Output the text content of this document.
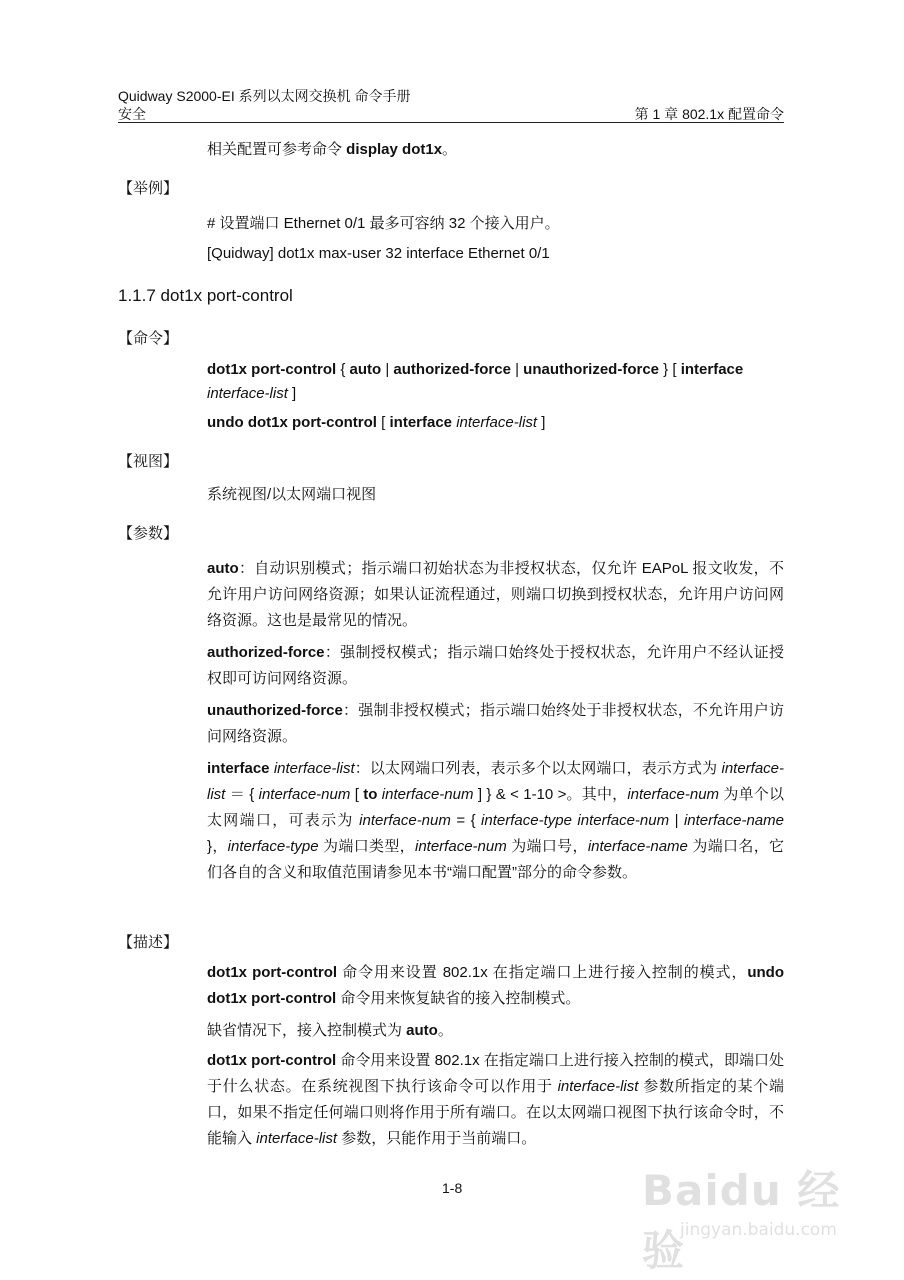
Quidway S2000-EI 系列以太网交换机 命令手册
安全	第 1 章 802.1x 配置命令
相关配置可参考命令 display dot1x。
【举例】
# 设置端口 Ethernet 0/1 最多可容纳 32 个接入用户。
[Quidway] dot1x max-user 32 interface Ethernet 0/1
1.1.7 dot1x port-control
【命令】
dot1x port-control { auto | authorized-force | unauthorized-force } [ interface
interface-list ]
undo dot1x port-control [ interface interface-list ]
【视图】
系统视图/以太网端口视图
【参数】
auto：自动识别模式；指示端口初始状态为非授权状态，仅允许 EAPoL 报文收发，不允许用户访问网络资源；如果认证流程通过，则端口切换到授权状态，允许用户访问网络资源。这也是最常见的情况。
authorized-force：强制授权模式；指示端口始终处于授权状态，允许用户不经认证授权即可访问网络资源。
unauthorized-force：强制非授权模式；指示端口始终处于非授权状态，不允许用户访问网络资源。
interface interface-list：以太网端口列表，表示多个以太网端口，表示方式为 interface-list ＝ { interface-num [ to interface-num ] } & < 1-10 >。其中，interface-num 为单个以太网端口，可表示为 interface-num = { interface-type interface-num | interface-name }，interface-type 为端口类型，interface-num 为端口号，interface-name 为端口名，它们各自的含义和取值范围请参见本书“端口配置”部分的命令参数。
【描述】
dot1x port-control 命令用来设置 802.1x 在指定端口上进行接入控制的模式，undo dot1x port-control 命令用来恢复缺省的接入控制模式。
缺省情况下，接入控制模式为 auto。
dot1x port-control 命令用来设置 802.1x 在指定端口上进行接入控制的模式，即端口处于什么状态。在系统视图下执行该命令可以作用于 interface-list 参数所指定的某个端口，如果不指定任何端口则将作用于所有端口。在以太网端口视图下执行该命令时，不能输入 interface-list 参数，只能作用于当前端口。
1-8	Baidu 经验
jingyan.baidu.com
